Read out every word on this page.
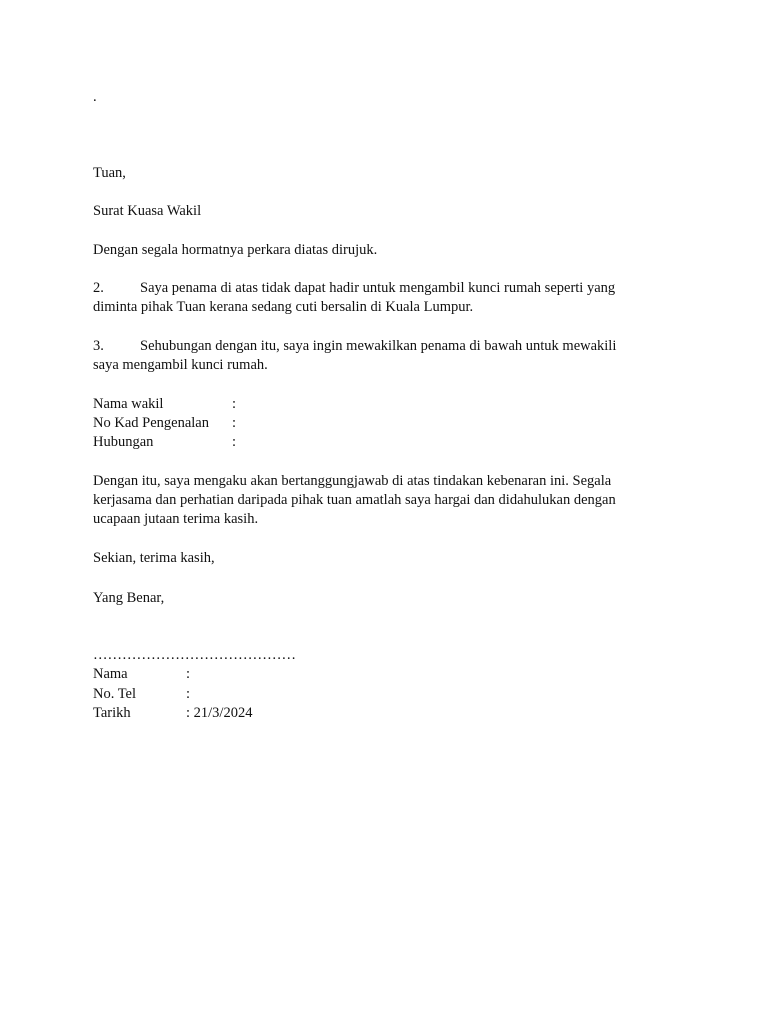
.
Tuan,
Surat Kuasa Wakil
Dengan segala hormatnya perkara diatas dirujuk.
2. Saya penama di atas tidak dapat hadir untuk mengambil kunci rumah seperti yang
diminta pihak Tuan kerana sedang cuti bersalin di Kuala Lumpur.
3. Sehubungan dengan itu, saya ingin mewakilkan penama di bawah untuk mewakili
saya mengambil kunci rumah.
Nama wakil	:
No Kad Pengenalan :
Hubungan	:
Dengan itu, saya mengaku akan bertanggungjawab di atas tindakan kebenaran ini. Segala
kerjasama dan perhatian daripada pihak tuan amatlah saya hargai dan didahulukan dengan
ucapaan jutaan terima kasih.
Sekian, terima kasih,
Yang Benar,
……………………………………
Nama	:
No. Tel	:
Tarikh	: 21/3/2024
